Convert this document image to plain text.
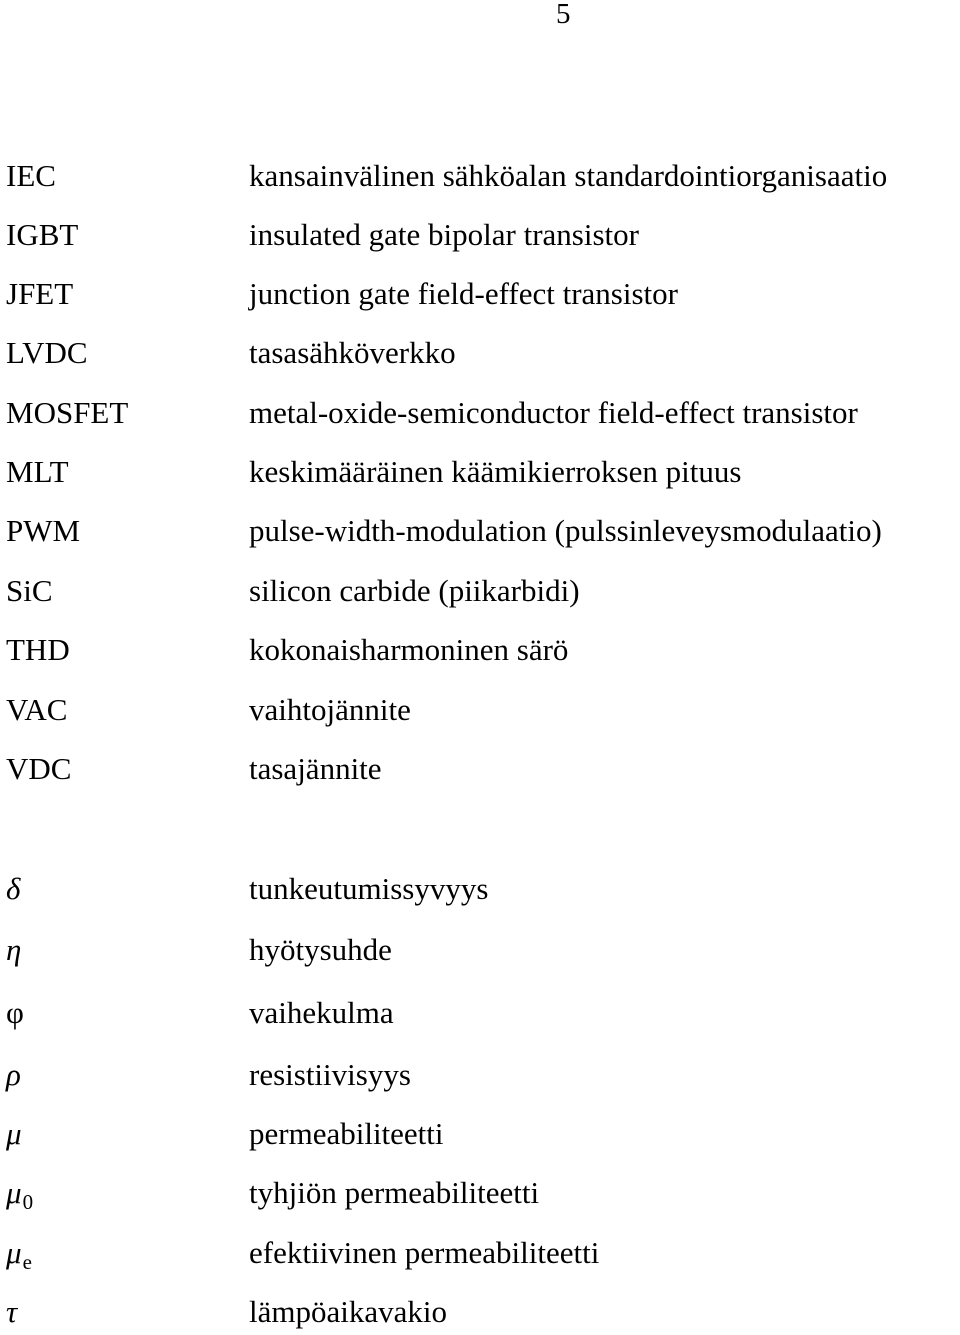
5
IEC	kansainvälinen sähköalan standardointiorganisaatio
IGBT	insulated gate bipolar transistor
JFET	junction gate field-effect transistor
LVDC	tasasähköverkko
MOSFET	metal-oxide-semiconductor field-effect transistor
MLT	keskimääräinen käämikierroksen pituus
PWM	pulse-width-modulation (pulssinleveysmodulaatio)
SiC	silicon carbide (piikarbidi)
THD	kokonaisharmoninen särö
VAC	vaihtojännite
VDC	tasajännite
δ	tunkeutumissyvyys
η	hyötysuhde
φ	vaihekulma
ρ	resistiivisyys
μ	permeabiliteetti
μ0	tyhjiön permeabiliteetti
μe	efektiivinen permeabiliteetti
τ	lämpöaikavakio
